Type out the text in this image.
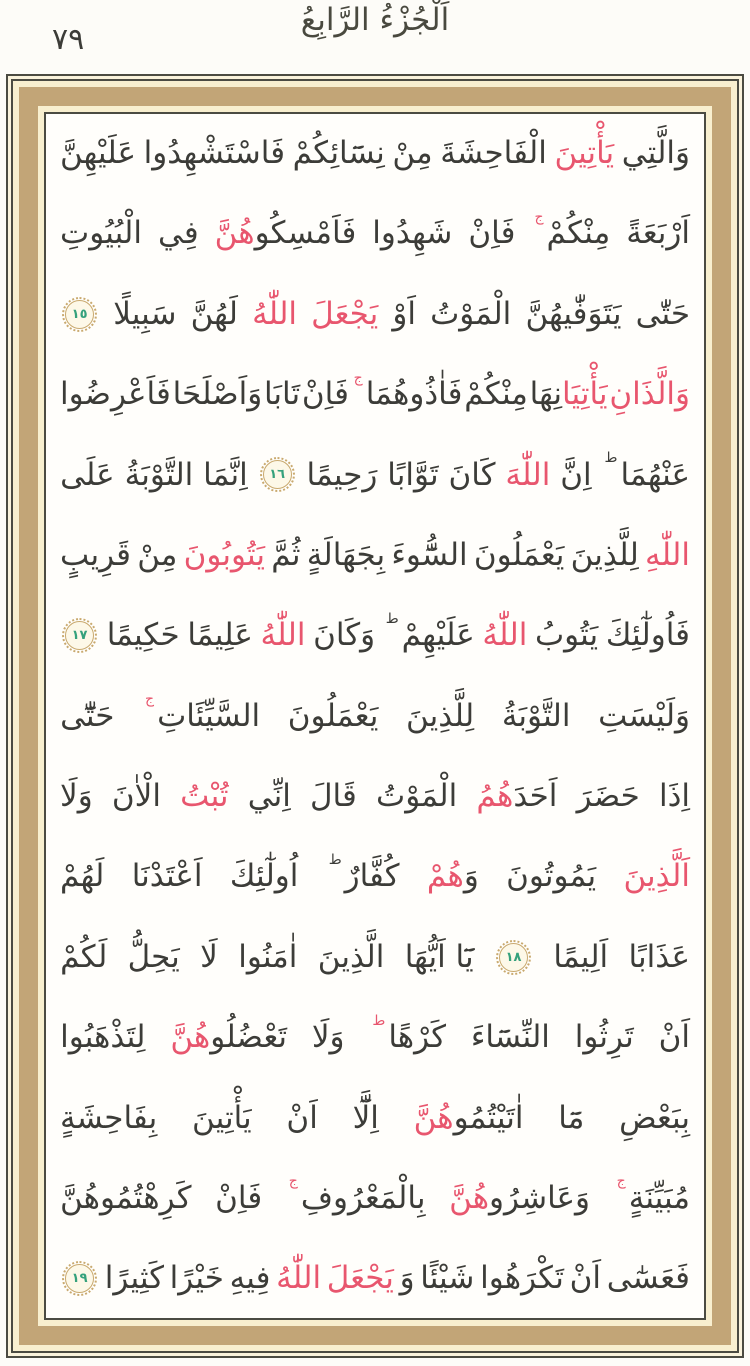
٧٩
اَلْجُزْءُ الرَّابِعُ
وَالَّتِي
يَأْتِينَ
الْفَاحِشَةَ
مِنْ
نِسَٓائِكُمْ
فَاسْتَشْهِدُوا
عَلَيْهِنَّ
اَرْبَعَةً
مِنْكُمْ
ج
فَاِنْ
شَهِدُوا
فَاَمْسِكُو
هُنَّ
فِي
الْبُيُوتِ
حَتّٰى
يَتَوَفّٰيهُنَّ
الْمَوْتُ
اَوْ
يَجْعَلَ
اللّٰهُ
لَهُنَّ
سَبِيلًا
١٥
وَالَّذَانِ
يَأْتِيَا
نِهَا
مِنْكُمْ
فَاٰذُوهُمَا
ج
فَاِنْ
تَابَا
وَاَصْلَحَا
فَاَعْرِضُوا
عَنْهُمَا
ط
اِنَّ
اللّٰهَ
كَانَ
تَوَّابًا
رَحِيمًا
١٦
اِنَّمَا
التَّوْبَةُ
عَلَى
اللّٰهِ
لِلَّذِينَ
يَعْمَلُونَ
السُّٓوءَ
بِجَهَالَةٍ
ثُمَّ
يَتُوبُونَ
مِنْ
قَرِيبٍ
فَاُولٰٓئِكَ
يَتُوبُ
اللّٰهُ
عَلَيْهِمْ
ط
وَكَانَ
اللّٰهُ
عَلِيمًا
حَكِيمًا
١٧
وَلَيْسَتِ
التَّوْبَةُ
لِلَّذِينَ
يَعْمَلُونَ
السَّيِّئَاتِ
ج
حَتّٰٓى
اِذَا
حَضَرَ
اَحَدَ
هُمُ
الْمَوْتُ
قَالَ
اِنِّي
تُبْتُ
الْاٰنَ
وَلَا
اَلَّذِينَ
يَمُوتُونَ
وَ
هُمْ
كُفَّارٌ
ط
اُولٰٓئِكَ
اَعْتَدْنَا
لَهُمْ
عَذَابًا
اَلِيمًا
١٨
يَٓا اَيُّهَا
الَّذِينَ
اٰمَنُوا
لَا
يَحِلُّ
لَكُمْ
اَنْ
تَرِثُوا
النِّسَٓاءَ
كَرْهًا
ط
وَلَا
تَعْضُلُو
هُنَّ
لِتَذْهَبُوا
بِبَعْضِ
مَٓا
اٰتَيْتُمُو
هُنَّ
اِلَّٓا
اَنْ
يَأْتِينَ
بِفَاحِشَةٍ
مُبَيِّنَةٍ
ج
وَعَاشِرُو
هُنَّ
بِالْمَعْرُوفِ
ج
فَاِنْ
كَرِهْتُمُوهُنَّ
فَعَسٰٓى
اَنْ
تَكْرَهُوا
شَيْئًا
وَ
يَجْعَلَ
اللّٰهُ
فِيهِ
خَيْرًا
كَثِيرًا
١٩
